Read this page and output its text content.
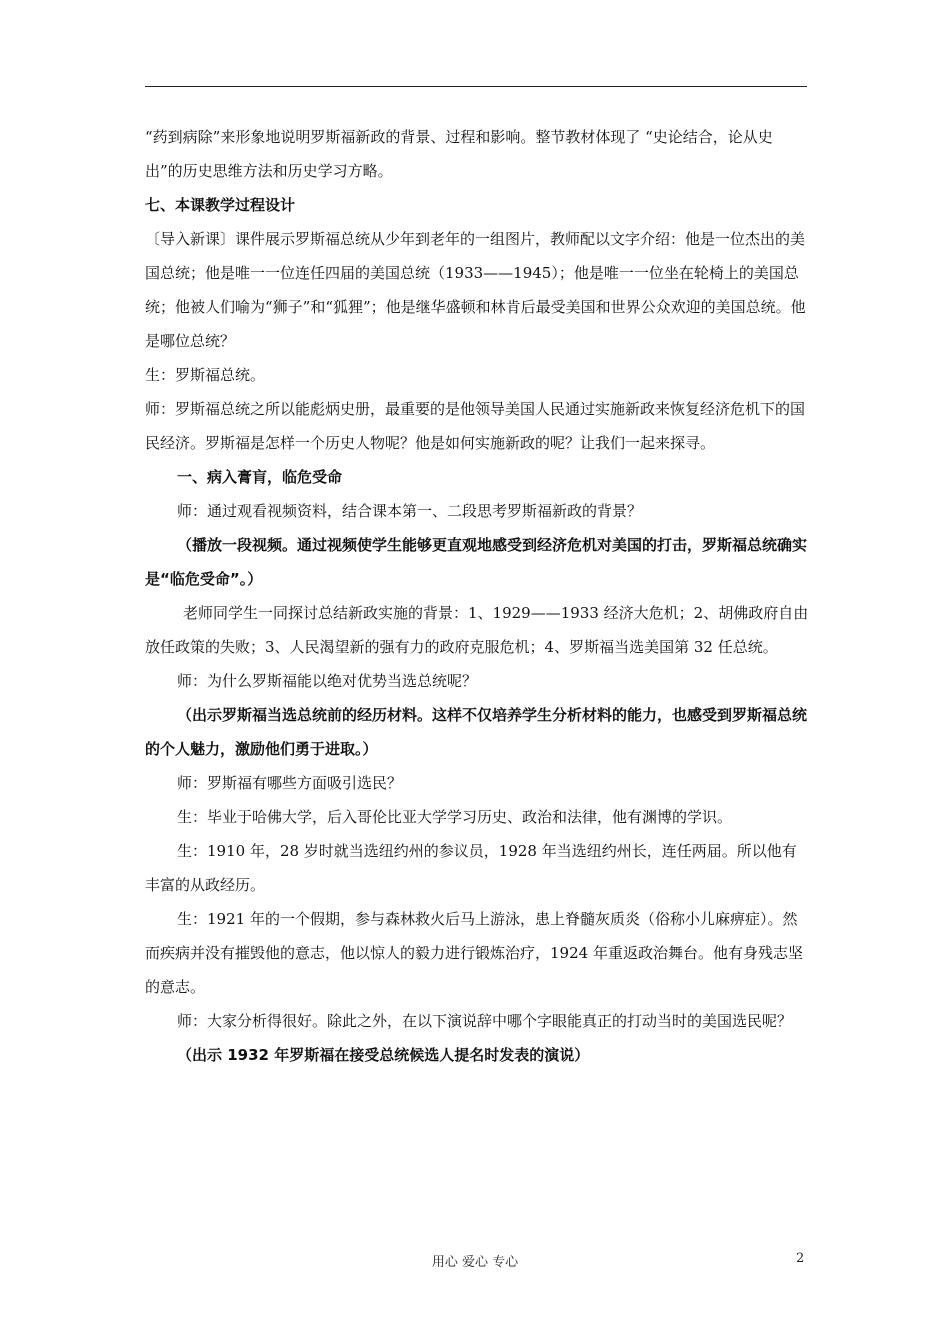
“药到病除”来形象地说明罗斯福新政的背景、过程和影响。整节教材体现了 “史论结合，论从史出”的历史思维方法和历史学习方略。

七、本课教学过程设计

〔导入新课〕课件展示罗斯福总统从少年到老年的一组图片，教师配以文字介绍：他是一位杰出的美国总统；他是唯一一位连任四届的美国总统（1933——1945）；他是唯一一位坐在轮椅上的美国总统；他被人们喻为“狮子”和“狐狸”；他是继华盛顿和林肯后最受美国和世界公众欢迎的美国总统。他是哪位总统？

生：罗斯福总统。

师：罗斯福总统之所以能彪炳史册，最重要的是他领导美国人民通过实施新政来恢复经济危机下的国民经济。罗斯福是怎样一个历史人物呢？他是如何实施新政的呢？让我们一起来探寻。

一、病入膏肓，临危受命

师：通过观看视频资料，结合课本第一、二段思考罗斯福新政的背景？

（播放一段视频。通过视频使学生能够更直观地感受到经济危机对美国的打击，罗斯福总统确实是“临危受命”。）

老师同学生一同探讨总结新政实施的背景：1、1929——1933 经济大危机；2、胡佛政府自由放任政策的失败；3、人民渴望新的强有力的政府克服危机；4、罗斯福当选美国第 32 任总统。

师：为什么罗斯福能以绝对优势当选总统呢？

（出示罗斯福当选总统前的经历材料。这样不仅培养学生分析材料的能力，也感受到罗斯福总统的个人魅力，激励他们勇于进取。）

师：罗斯福有哪些方面吸引选民？

生：毕业于哈佛大学，后入哥伦比亚大学学习历史、政治和法律，他有渊博的学识。

生：1910 年，28 岁时就当选纽约州的参议员，1928 年当选纽约州长，连任两届。所以他有丰富的从政经历。

生：1921 年的一个假期，参与森林救火后马上游泳，患上脊髓灰质炎（俗称小儿麻痹症）。然而疾病并没有摧毁他的意志，他以惊人的毅力进行锻炼治疗，1924 年重返政治舞台。他有身残志坚的意志。

师：大家分析得很好。除此之外，在以下演说辞中哪个字眼能真正的打动当时的美国选民呢？

（出示 1932 年罗斯福在接受总统候选人提名时发表的演说）

用心 爱心 专心	2
